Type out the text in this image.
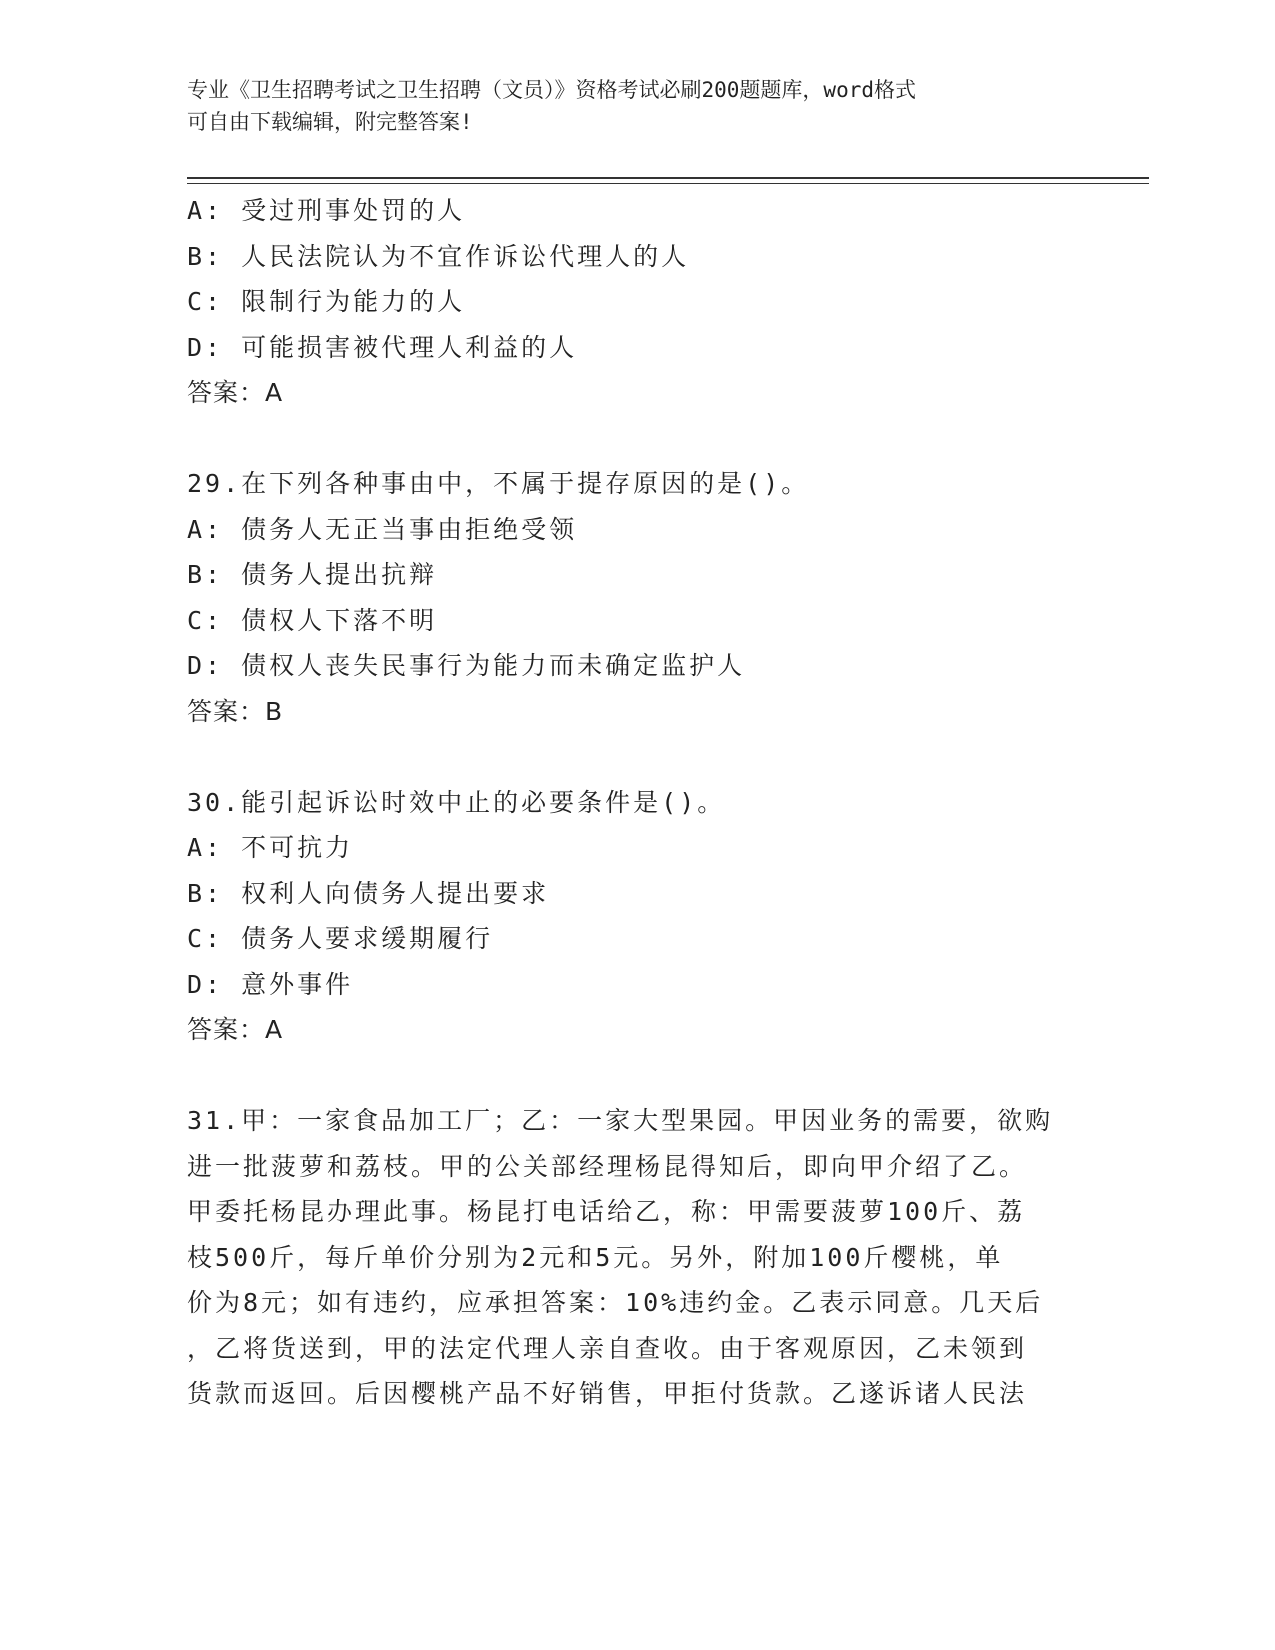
专业《卫生招聘考试之卫生招聘（文员）》资格考试必刷200题题库，word格式
可自由下载编辑，附完整答案!
A: 受过刑事处罚的人
B: 人民法院认为不宜作诉讼代理人的人
C: 限制行为能力的人
D: 可能损害被代理人利益的人
答案：A
29.在下列各种事由中，不属于提存原因的是()。
A: 债务人无正当事由拒绝受领
B: 债务人提出抗辩
C: 债权人下落不明
D: 债权人丧失民事行为能力而未确定监护人
答案：B
30.能引起诉讼时效中止的必要条件是()。
A: 不可抗力
B: 权利人向债务人提出要求
C: 债务人要求缓期履行
D: 意外事件
答案：A
31.甲：一家食品加工厂；乙：一家大型果园。甲因业务的需要，欲购
进一批菠萝和荔枝。甲的公关部经理杨昆得知后，即向甲介绍了乙。
甲委托杨昆办理此事。杨昆打电话给乙，称：甲需要菠萝100斤、荔
枝500斤，每斤单价分别为2元和5元。另外，附加100斤樱桃，单
价为8元；如有违约，应承担答案：10%违约金。乙表示同意。几天后
，乙将货送到，甲的法定代理人亲自查收。由于客观原因，乙未领到
货款而返回。后因樱桃产品不好销售，甲拒付货款。乙遂诉诸人民法
